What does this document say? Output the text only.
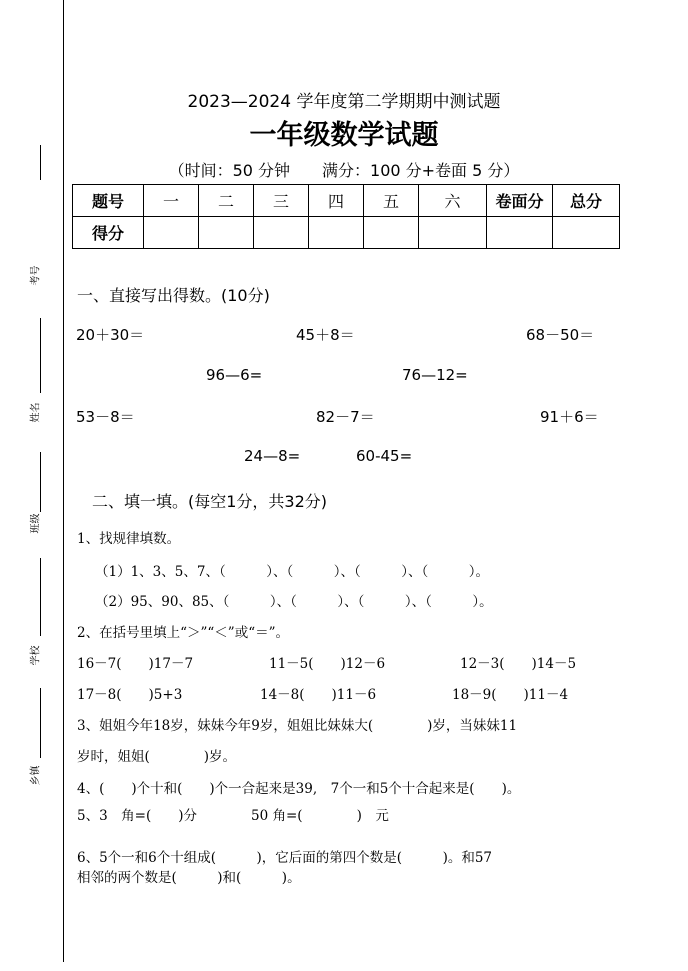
考号
姓名
班级
学校
乡镇
2023—2024 学年度第二学期期中测试题
一年级数学试题
（时间：50 分钟　　满分：100 分+卷面 5 分）
题号	一	二	三	四	五	六	卷面分	总分
得分								
一、直接写出得数。(10分)
20＋30＝	45＋8＝	68－50＝
96—6=	76—12=
53－8＝	82－7＝	91＋6＝
24—8=	60-45=
二、填一填。(每空1分，共32分)
1、找规律填数。
（1）1、3、5、7、（　　　）、（　　　）、（　　　）、（　　　）。
（2）95、90、85、（　　　）、（　　　）、（　　　）、（　　　）。
2、在括号里填上“＞”“＜”或“＝”。
16－7(　　)17－7	11－5(　　)12－6	12－3(　　)14－5
17－8(　　)5+3	14－8(　　)11－6	18－9(　　)11－4
3、姐姐今年18岁，妹妹今年9岁，姐姐比妹妹大(　　　　)岁，当妹妹11
岁时，姐姐(　　　　)岁。
4、(　　)个十和(　　)个一合起来是39,　7个一和5个十合起来是(　　)。
5、3　角=(　　)分　　　　50 角=(　　　　)　元
6、5个一和6个十组成(　　　)，它后面的第四个数是(　　　)。和57
相邻的两个数是(　　　)和(　　　)。
